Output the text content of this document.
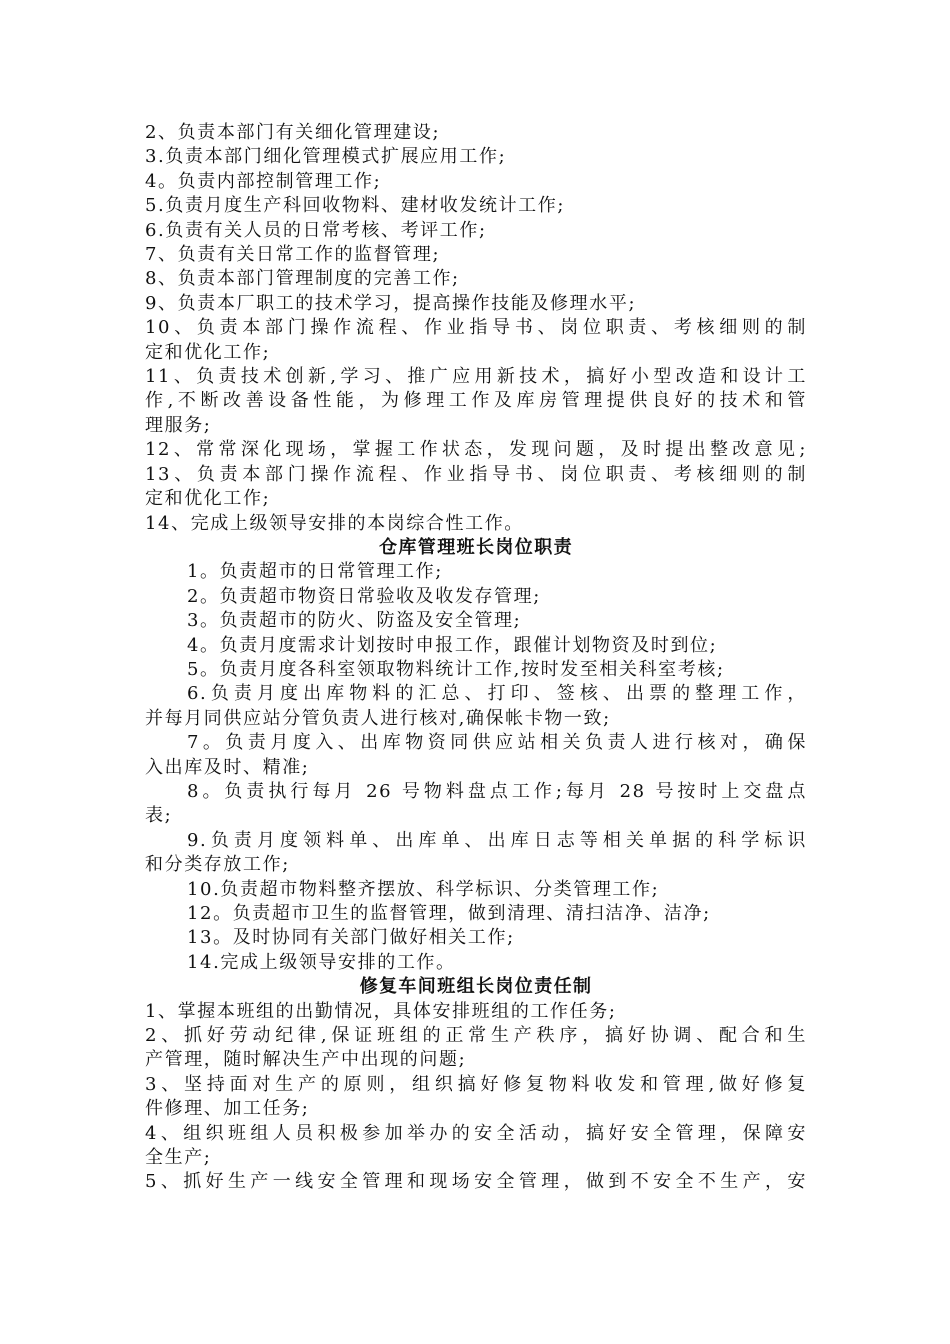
2、负责本部门有关细化管理建设;
3.负责本部门细化管理模式扩展应用工作;
4。负责内部控制管理工作;
5.负责月度生产科回收物料、建材收发统计工作;
6.负责有关人员的日常考核、考评工作;
7、负责有关日常工作的监督管理;
8、负责本部门管理制度的完善工作;
9、负责本厂职工的技术学习，提高操作技能及修理水平;
10、负责本部门操作流程、作业指导书、岗位职责、考核细则的制
定和优化工作;
11、负责技术创新,学习、推广应用新技术，搞好小型改造和设计工
作,不断改善设备性能，为修理工作及库房管理提供良好的技术和管
理服务;
12、常常深化现场，掌握工作状态，发现问题，及时提出整改意见;
13、负责本部门操作流程、作业指导书、岗位职责、考核细则的制
定和优化工作;
14、完成上级领导安排的本岗综合性工作。
仓库管理班长岗位职责
1。负责超市的日常管理工作;
2。负责超市物资日常验收及收发存管理;
3。负责超市的防火、防盗及安全管理;
4。负责月度需求计划按时申报工作，跟催计划物资及时到位;
5。负责月度各科室领取物料统计工作,按时发至相关科室考核;
6.负责月度出库物料的汇总、打印、签核、出票的整理工作，
并每月同供应站分管负责人进行核对,确保帐卡物一致;
7。负责月度入、出库物资同供应站相关负责人进行核对，确保
入出库及时、精准;
8。负责执行每月 26 号物料盘点工作;每月 28 号按时上交盘点
表;
9.负责月度领料单、出库单、出库日志等相关单据的科学标识
和分类存放工作;
10.负责超市物料整齐摆放、科学标识、分类管理工作;
12。负责超市卫生的监督管理，做到清理、清扫洁净、洁净;
13。及时协同有关部门做好相关工作;
14.完成上级领导安排的工作。
修复车间班组长岗位责任制
1、掌握本班组的出勤情况，具体安排班组的工作任务;
2、抓好劳动纪律,保证班组的正常生产秩序，搞好协调、配合和生
产管理，随时解决生产中出现的问题;
3、坚持面对生产的原则，组织搞好修复物料收发和管理,做好修复
件修理、加工任务;
4、组织班组人员积极参加举办的安全活动，搞好安全管理，保障安
全生产;
5、抓好生产一线安全管理和现场安全管理，做到不安全不生产，安
